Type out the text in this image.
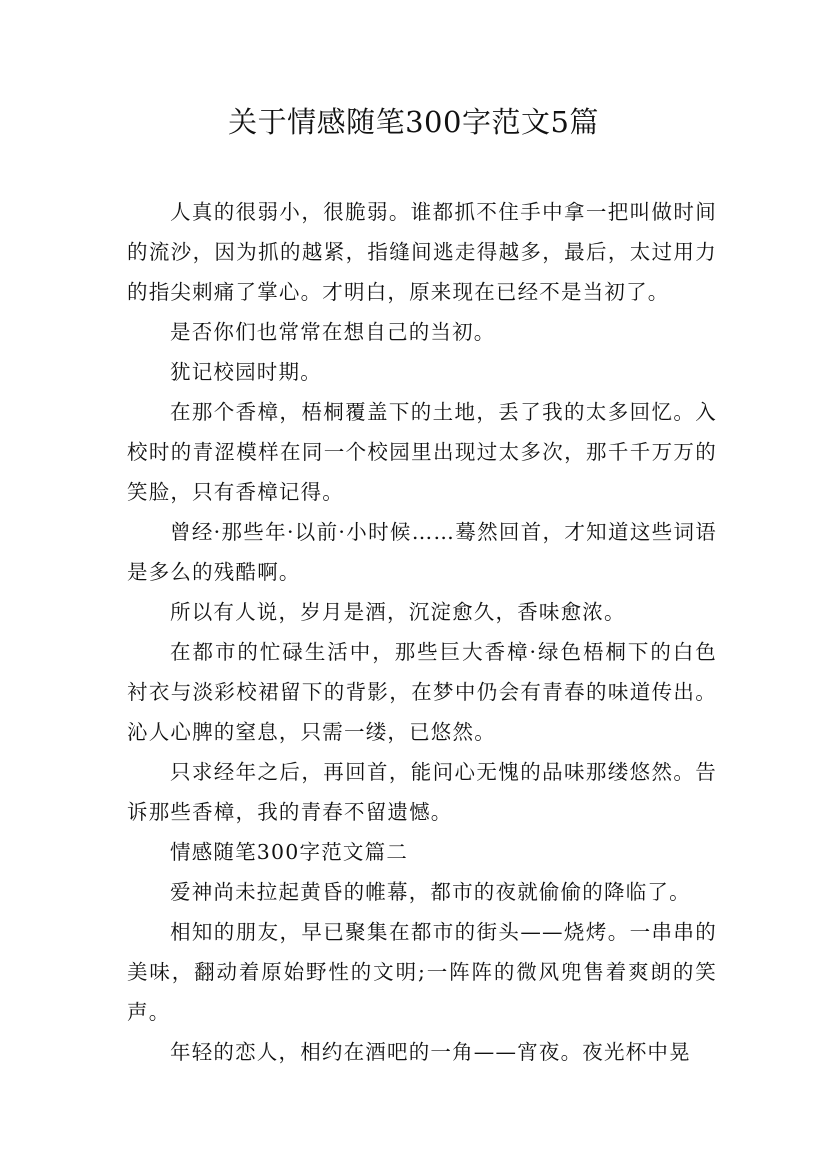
关于情感随笔300字范文5篇

人真的很弱小，很脆弱。谁都抓不住手中拿一把叫做时间的流沙，因为抓的越紧，指缝间逃走得越多，最后，太过用力的指尖刺痛了掌心。才明白，原来现在已经不是当初了。

是否你们也常常在想自己的当初。

犹记校园时期。

在那个香樟，梧桐覆盖下的土地，丢了我的太多回忆。入校时的青涩模样在同一个校园里出现过太多次，那千千万万的笑脸，只有香樟记得。

曾经·那些年·以前·小时候……蓦然回首，才知道这些词语是多么的残酷啊。

所以有人说，岁月是酒，沉淀愈久，香味愈浓。

在都市的忙碌生活中，那些巨大香樟·绿色梧桐下的白色衬衣与淡彩校裙留下的背影，在梦中仍会有青春的味道传出。沁人心脾的窒息，只需一缕，已悠然。

只求经年之后，再回首，能问心无愧的品味那缕悠然。告诉那些香樟，我的青春不留遗憾。

情感随笔300字范文篇二

爱神尚未拉起黄昏的帷幕，都市的夜就偷偷的降临了。

相知的朋友，早已聚集在都市的街头——烧烤。一串串的美味，翻动着原始野性的文明;一阵阵的微风兜售着爽朗的笑声。

年轻的恋人，相约在酒吧的一角——宵夜。夜光杯中晃
